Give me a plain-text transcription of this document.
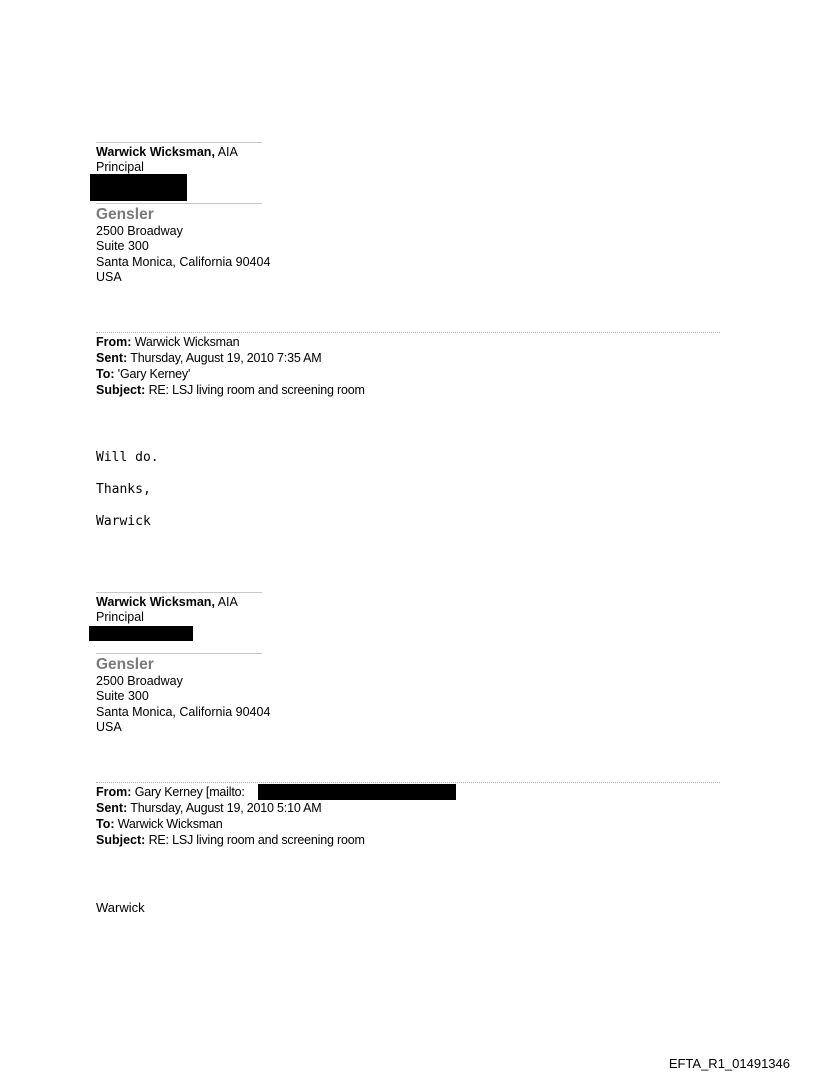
Warwick Wicksman, AIA
Principal
Gensler
2500 Broadway
Suite 300
Santa Monica, California 90404
USA
From: Warwick Wicksman
Sent: Thursday, August 19, 2010 7:35 AM
To: 'Gary Kerney'
Subject: RE: LSJ living room and screening room
Will do.
Thanks,
Warwick
Warwick Wicksman, AIA
Principal
Gensler
2500 Broadway
Suite 300
Santa Monica, California 90404
USA
From: Gary Kerney [mailto:
Sent: Thursday, August 19, 2010 5:10 AM
To: Warwick Wicksman
Subject: RE: LSJ living room and screening room
Warwick
EFTA_R1_01491346
